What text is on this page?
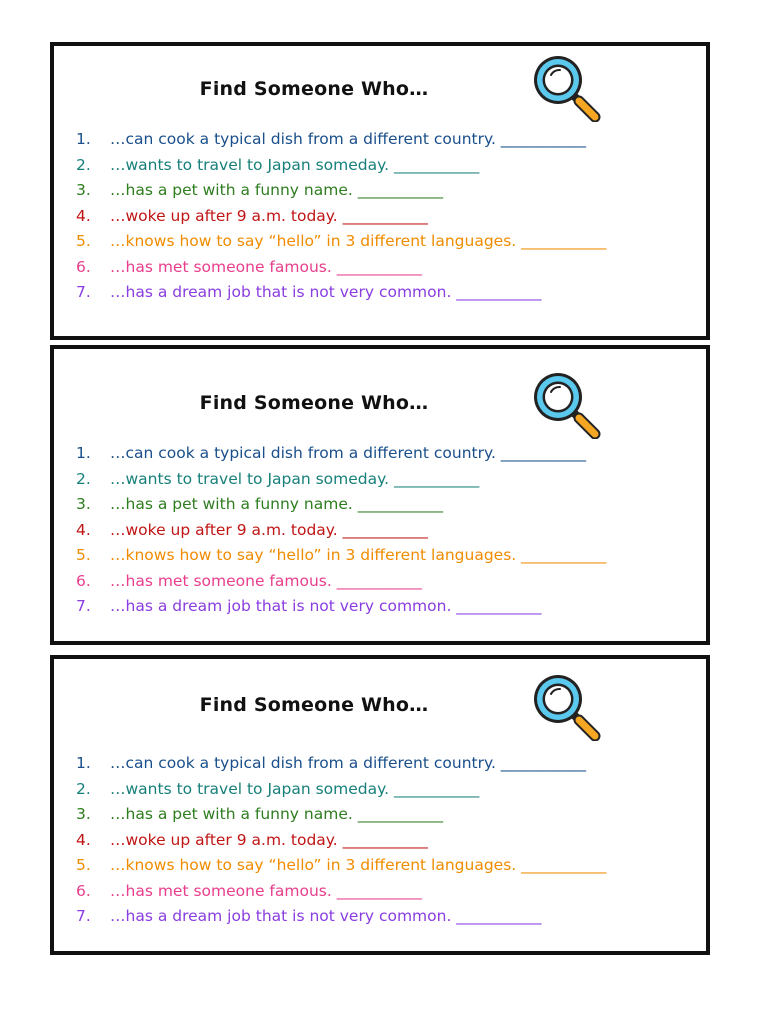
Find Someone Who…
1. …can cook a typical dish from a different country. ___________
2. …wants to travel to Japan someday. ___________
3. …has a pet with a funny name. ___________
4. …woke up after 9 a.m. today. ___________
5. …knows how to say “hello” in 3 different languages. ___________
6. …has met someone famous. ___________
7. …has a dream job that is not very common. ___________
Find Someone Who…
1. …can cook a typical dish from a different country. ___________
2. …wants to travel to Japan someday. ___________
3. …has a pet with a funny name. ___________
4. …woke up after 9 a.m. today. ___________
5. …knows how to say “hello” in 3 different languages. ___________
6. …has met someone famous. ___________
7. …has a dream job that is not very common. ___________
Find Someone Who…
1. …can cook a typical dish from a different country. ___________
2. …wants to travel to Japan someday. ___________
3. …has a pet with a funny name. ___________
4. …woke up after 9 a.m. today. ___________
5. …knows how to say “hello” in 3 different languages. ___________
6. …has met someone famous. ___________
7. …has a dream job that is not very common. ___________
